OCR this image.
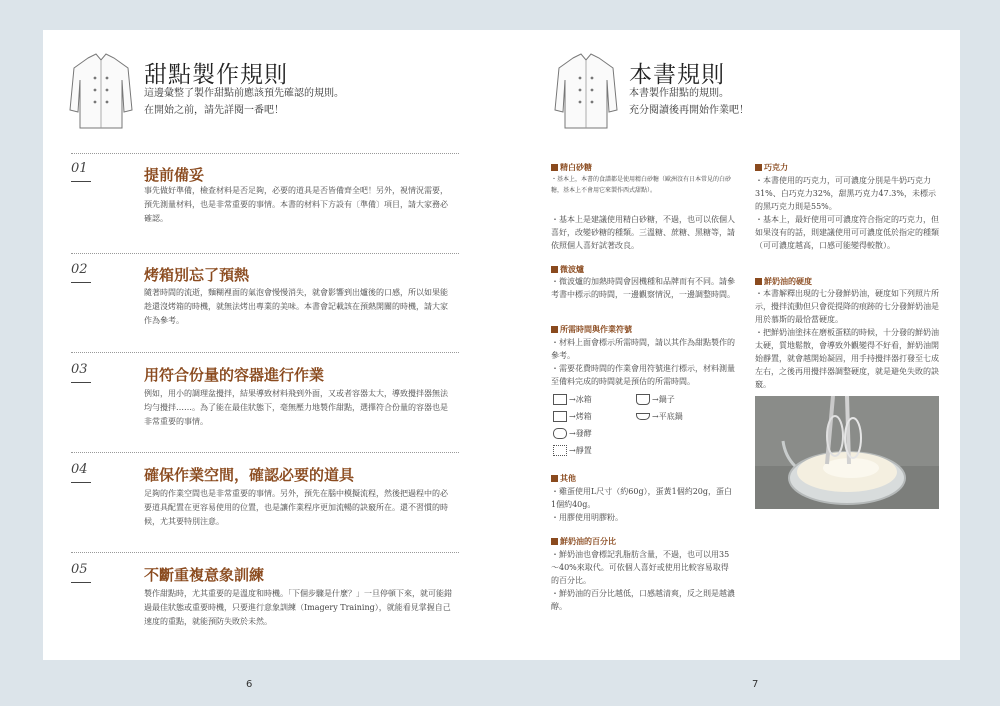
甜點製作規則
這邊彙整了製作甜點前應該預先確認的規則。
在開始之前，請先詳閱一番吧！
01	提前備妥
事先做好準備，檢查材料是否足夠，必要的道具是否皆備齊全吧！另外，視情況需要，預先測量材料，也是非常重要的事情。本書的材料下方設有〔準備〕項目，請大家務必確認。
02	烤箱別忘了預熱
隨著時間的流逝，麵糊裡面的氣泡會慢慢消失，就會影響到出爐後的口感，所以如果能趁還沒烤箱的時機，就無法烤出專業的美味。本書會記載該在預熱開關的時機，請大家作為參考。
03	用符合份量的容器進行作業
例如，用小的調理盆攪拌，結果導致材料飛到外面，又或者容器太大，導致攪拌器無法均勻攪拌……。為了能在最佳狀態下，毫無壓力地製作甜點，選擇符合份量的容器也是非常重要的事情。
04	確保作業空間，確認必要的道具
足夠的作業空間也是非常重要的事情。另外，預先在腦中模擬流程，然後把過程中的必要道具配置在更容易使用的位置，也是讓作業程序更加流暢的訣竅所在。還不習慣的時候，尤其要特別注意。
05	不斷重複意象訓練
製作甜點時，尤其重要的是溫度和時機。「下個步驟是什麼？」一旦停頓下來，就可能錯過最佳狀態或重要時機，只要進行意象訓練（Imagery Training），就能看見掌握自己速度的重點，就能預防失敗於未然。
6
本書規則
本書製作甜點的規則。
充分閱讀後再開始作業吧！
精白砂糖
・基本上，本書的食譜都是使用精白砂糖（歐洲沒有日本常見的白砂糖，基本上不會用它來製作西式甜點）。
・基本上是建議使用精白砂糖，不過，也可以依個人喜好，改變砂糖的種類。三溫糖、蔗糖、黑糖等，請依照個人喜好試著改良。
微波爐
・微波爐的加熱時間會因機種和品牌而有不同。請參考書中標示的時間，一邊觀察情況，一邊調整時間。
所需時間與作業符號
・材料上面會標示所需時間，請以其作為甜點製作的參考。
・需要花費時間的作業會用符號進行標示，材料測量至備料完成的時間就是預估的所需時間。
→冰箱	→鍋子
→烤箱	→平底鍋
→發酵
→靜置
其他
・雞蛋使用L尺寸（約60g），蛋黃1個約20g，蛋白1個約40g。
・用膠使用明膠粉。
鮮奶油的百分比
・鮮奶油也會標記乳脂肪含量，不過，也可以用35～40%來取代。可依個人喜好或使用比較容易取得的百分比。
・鮮奶油的百分比越低，口感越清爽，反之則是越濃醇。
巧克力
・本書使用的巧克力，可可濃度分別是牛奶巧克力31%、白巧克力32%，甜黑巧克力47.3%，未標示的黑巧克力則是55%。
・基本上，最好使用可可濃度符合指定的巧克力，但如果沒有的話，則建議使用可可濃度低於指定的種類（可可濃度越高，口感可能變得較散）。
鮮奶油的硬度
・本書解釋出現的七分發鮮奶油，硬度如下列照片所示，攪拌流動但只會從提降的痕跡的七分發鮮奶油是用於慕斯的最恰當硬度。
・把鮮奶油塗抹在磨板蛋糕的時候，十分發的鮮奶油太硬，質地鬆散，會導致外觀變得不好看，鮮奶油開始靜置，就會越開始凝固，用手持攪拌器打發至七成左右，之後再用攪拌器調整硬度，就是避免失敗的訣竅。
7
